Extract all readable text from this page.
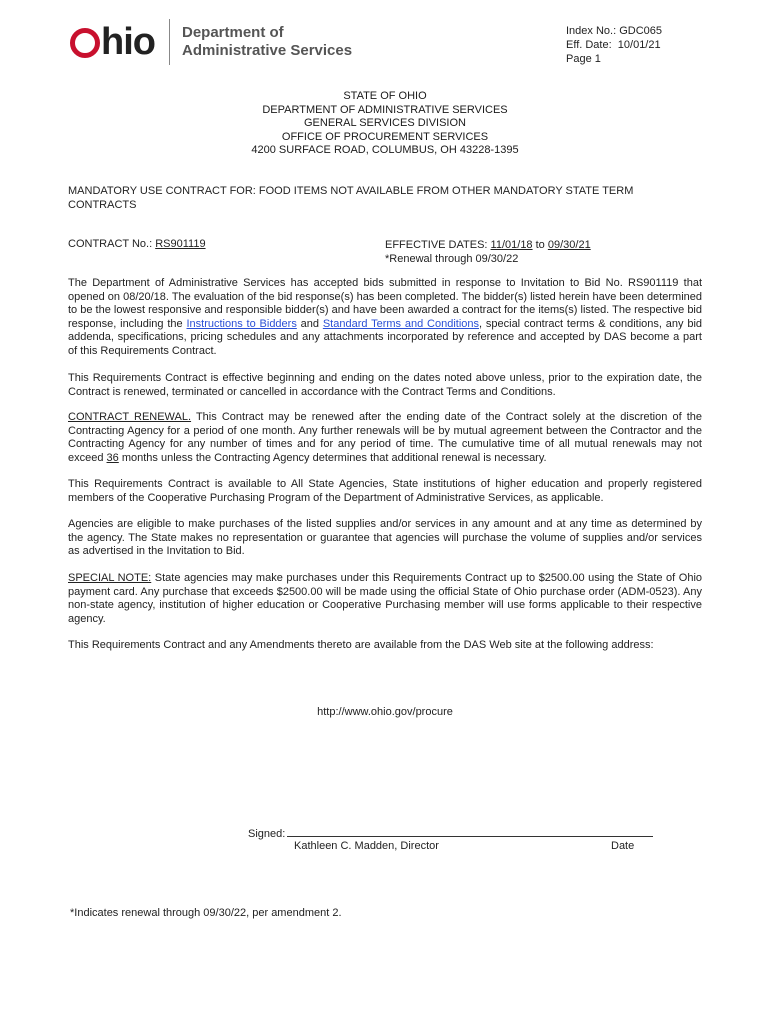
hio Department of
Administrative Services
Index No.: GDC065
Eff. Date: 10/01/21
Page 1
STATE OF OHIO
DEPARTMENT OF ADMINISTRATIVE SERVICES
GENERAL SERVICES DIVISION
OFFICE OF PROCUREMENT SERVICES
4200 SURFACE ROAD, COLUMBUS, OH 43228-1395
MANDATORY USE CONTRACT FOR: FOOD ITEMS NOT AVAILABLE FROM OTHER MANDATORY STATE TERM
CONTRACTS
CONTRACT No.: RS901119	EFFECTIVE DATES: 11/01/18 to 09/30/21
*Renewal through 09/30/22
The Department of Administrative Services has accepted bids submitted in response to Invitation to Bid No. RS901119 that opened on 08/20/18. The evaluation of the bid response(s) has been completed. The bidder(s) listed herein have been determined to be the lowest responsive and responsible bidder(s) and have been awarded a contract for the items(s) listed. The respective bid response, including the Instructions to Bidders and Standard Terms and Conditions, special contract terms & conditions, any bid addenda, specifications, pricing schedules and any attachments incorporated by reference and accepted by DAS become a part of this Requirements Contract.
This Requirements Contract is effective beginning and ending on the dates noted above unless, prior to the expiration date, the Contract is renewed, terminated or cancelled in accordance with the Contract Terms and Conditions.
CONTRACT RENEWAL. This Contract may be renewed after the ending date of the Contract solely at the discretion of the Contracting Agency for a period of one month. Any further renewals will be by mutual agreement between the Contractor and the Contracting Agency for any number of times and for any period of time. The cumulative time of all mutual renewals may not exceed 36 months unless the Contracting Agency determines that additional renewal is necessary.
This Requirements Contract is available to All State Agencies, State institutions of higher education and properly registered members of the Cooperative Purchasing Program of the Department of Administrative Services, as applicable.
Agencies are eligible to make purchases of the listed supplies and/or services in any amount and at any time as determined by the agency. The State makes no representation or guarantee that agencies will purchase the volume of supplies and/or services as advertised in the Invitation to Bid.
SPECIAL NOTE: State agencies may make purchases under this Requirements Contract up to $2500.00 using the State of Ohio payment card. Any purchase that exceeds $2500.00 will be made using the official State of Ohio purchase order (ADM-0523). Any non-state agency, institution of higher education or Cooperative Purchasing member will use forms applicable to their respective agency.
This Requirements Contract and any Amendments thereto are available from the DAS Web site at the following address:
http://www.ohio.gov/procure
Signed:
Kathleen C. Madden, Director	Date
*Indicates renewal through 09/30/22, per amendment 2.
